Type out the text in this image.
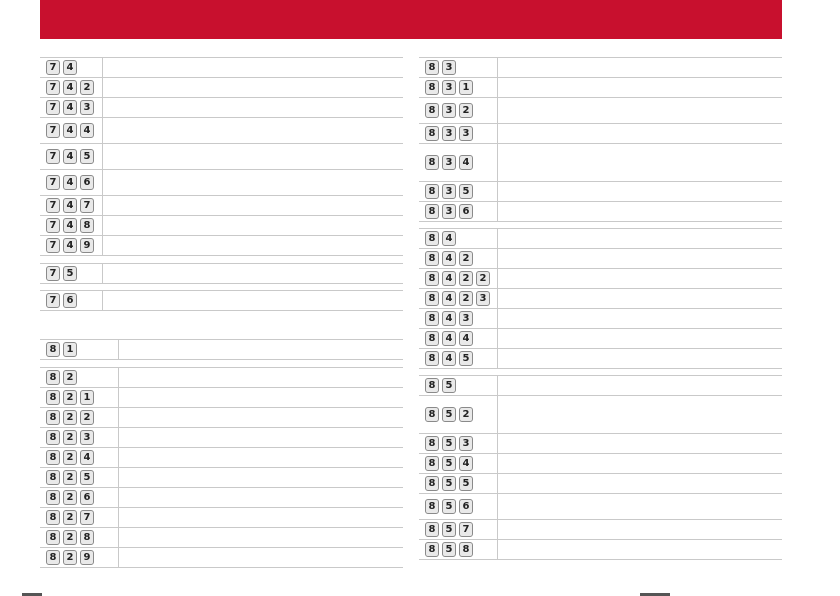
7	4
7	4	2
7	4	3
7	4	4
7	4	5
7	4	6
7	4	7
7	4	8
7	4	9
7	5
7	6
8	1
8	2
8	2	1
8	2	2
8	2	3
8	2	4
8	2	5
8	2	6
8	2	7
8	2	8
8	2	9
8	3
8	3	1
8	3	2
8	3	3
8	3	4
8	3	5
8	3	6
8	4
8	4	2
8	4	2	2
8	4	2	3
8	4	3
8	4	4
8	4	5
8	5
8	5	2
8	5	3
8	5	4
8	5	5
8	5	6
8	5	7
8	5	8
